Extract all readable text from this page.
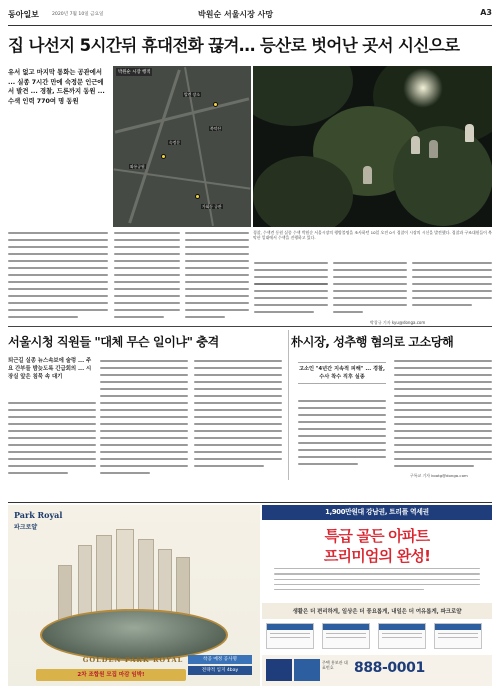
동아일보	2020년 7월 10일 금요일	박원순 서울시장 사망	A3
집 나선지 5시간뒤 휴대전화 끊겨… 등산로 벗어난 곳서 시신으로
유서 없고 마지막 통화는 공관에서 ... 실종 7시간 만에 숙정문 인근에서 발견 ... 경찰, 드론까지 동원 ... 수색 인력 770여 명 동원
박원순 시장 행적
발견 장소
숙정문
와룡공원
가회동 공관
북악산
경찰, 수색견 동원 실종 수색 박원순 서울시장의 행방불명을 조사하던 10일 오전 0시 경찰이 시장의 시신을 발견했다. 경찰과 구조대원들이 북악산 일대에서 수색을 진행하고 있다.
박창규 기자 kyu@donga.com
서울시청 직원들 "대체 무슨 일이냐" 충격
퇴근길 실종 뉴스속보에 술렁 ... 주요 간부들 밤늦도록 긴급회의 ... 시장실 앞은 침묵 속 대기
朴시장, 성추행 혐의로 고소당해
고소인 "4년간 지속적 피해" ... 경찰, 수사 착수 직후 실종
구특교 기자 kootg@donga.com
Park Royal
파크로얄
GOLDEN PARK ROYAL
2차 조합원 모집 마감 임박!
착공 예정 공사명
전략적 입지 4bay
1,900만원대 강남권, 트리플 역세권
특급 골든 아파트
프리미엄의 완성!
생활은 더 편리하게, 일상은 더 풍요롭게, 내일은 더 여유롭게, 파크로얄

주택 홍보관 대표번호	888-0001
